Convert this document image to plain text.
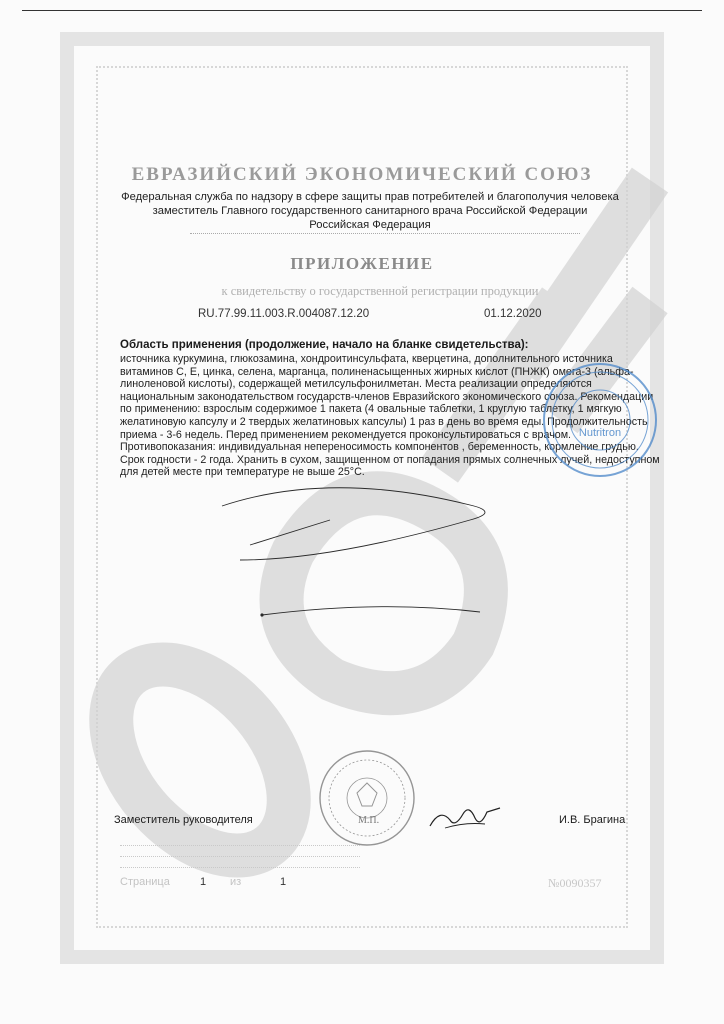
ЕВРАЗИЙСКИЙ ЭКОНОМИЧЕСКИЙ СОЮЗ
Федеральная служба по надзору в сфере защиты прав потребителей и благополучия человека
заместитель Главного государственного санитарного врача Российской Федерации
Российская Федерация
ПРИЛОЖЕНИЕ
к свидетельству о государственной регистрации продукции
RU.77.99.11.003.R.004087.12.20	01.12.2020
Область применения (продолжение, начало на бланке свидетельства):
источника куркумина, глюкозамина, хондроитинсульфата, кверцетина, дополнительного источника витаминов С, Е, цинка, селена, марганца, полиненасыщенных жирных кислот (ПНЖК) омега-3 (альфа-линоленовой кислоты), содержащей метилсульфонилметан. Места реализации определяются национальным законодательством государств-членов Евразийского экономического союза. Рекомендации по применению: взрослым содержимое 1 пакета (4 овальные таблетки, 1 круглую таблетку, 1 мягкую желатиновую капсулу и 2 твердых желатиновых капсулы) 1 раз в день во время еды. Продолжительность приема - 3-6 недель. Перед применением рекомендуется проконсультироваться с врачом. Противопоказания: индивидуальная непереносимость компонентов , беременность, кормление грудью. Срок годности - 2 года. Хранить в сухом, защищенном от попадания прямых солнечных лучей, недоступном для детей месте при температуре не выше 25°С.
Nutritron
Заместитель руководителя	И.В. Брагина
М.П.
Страница	1 из	1	№0090357
